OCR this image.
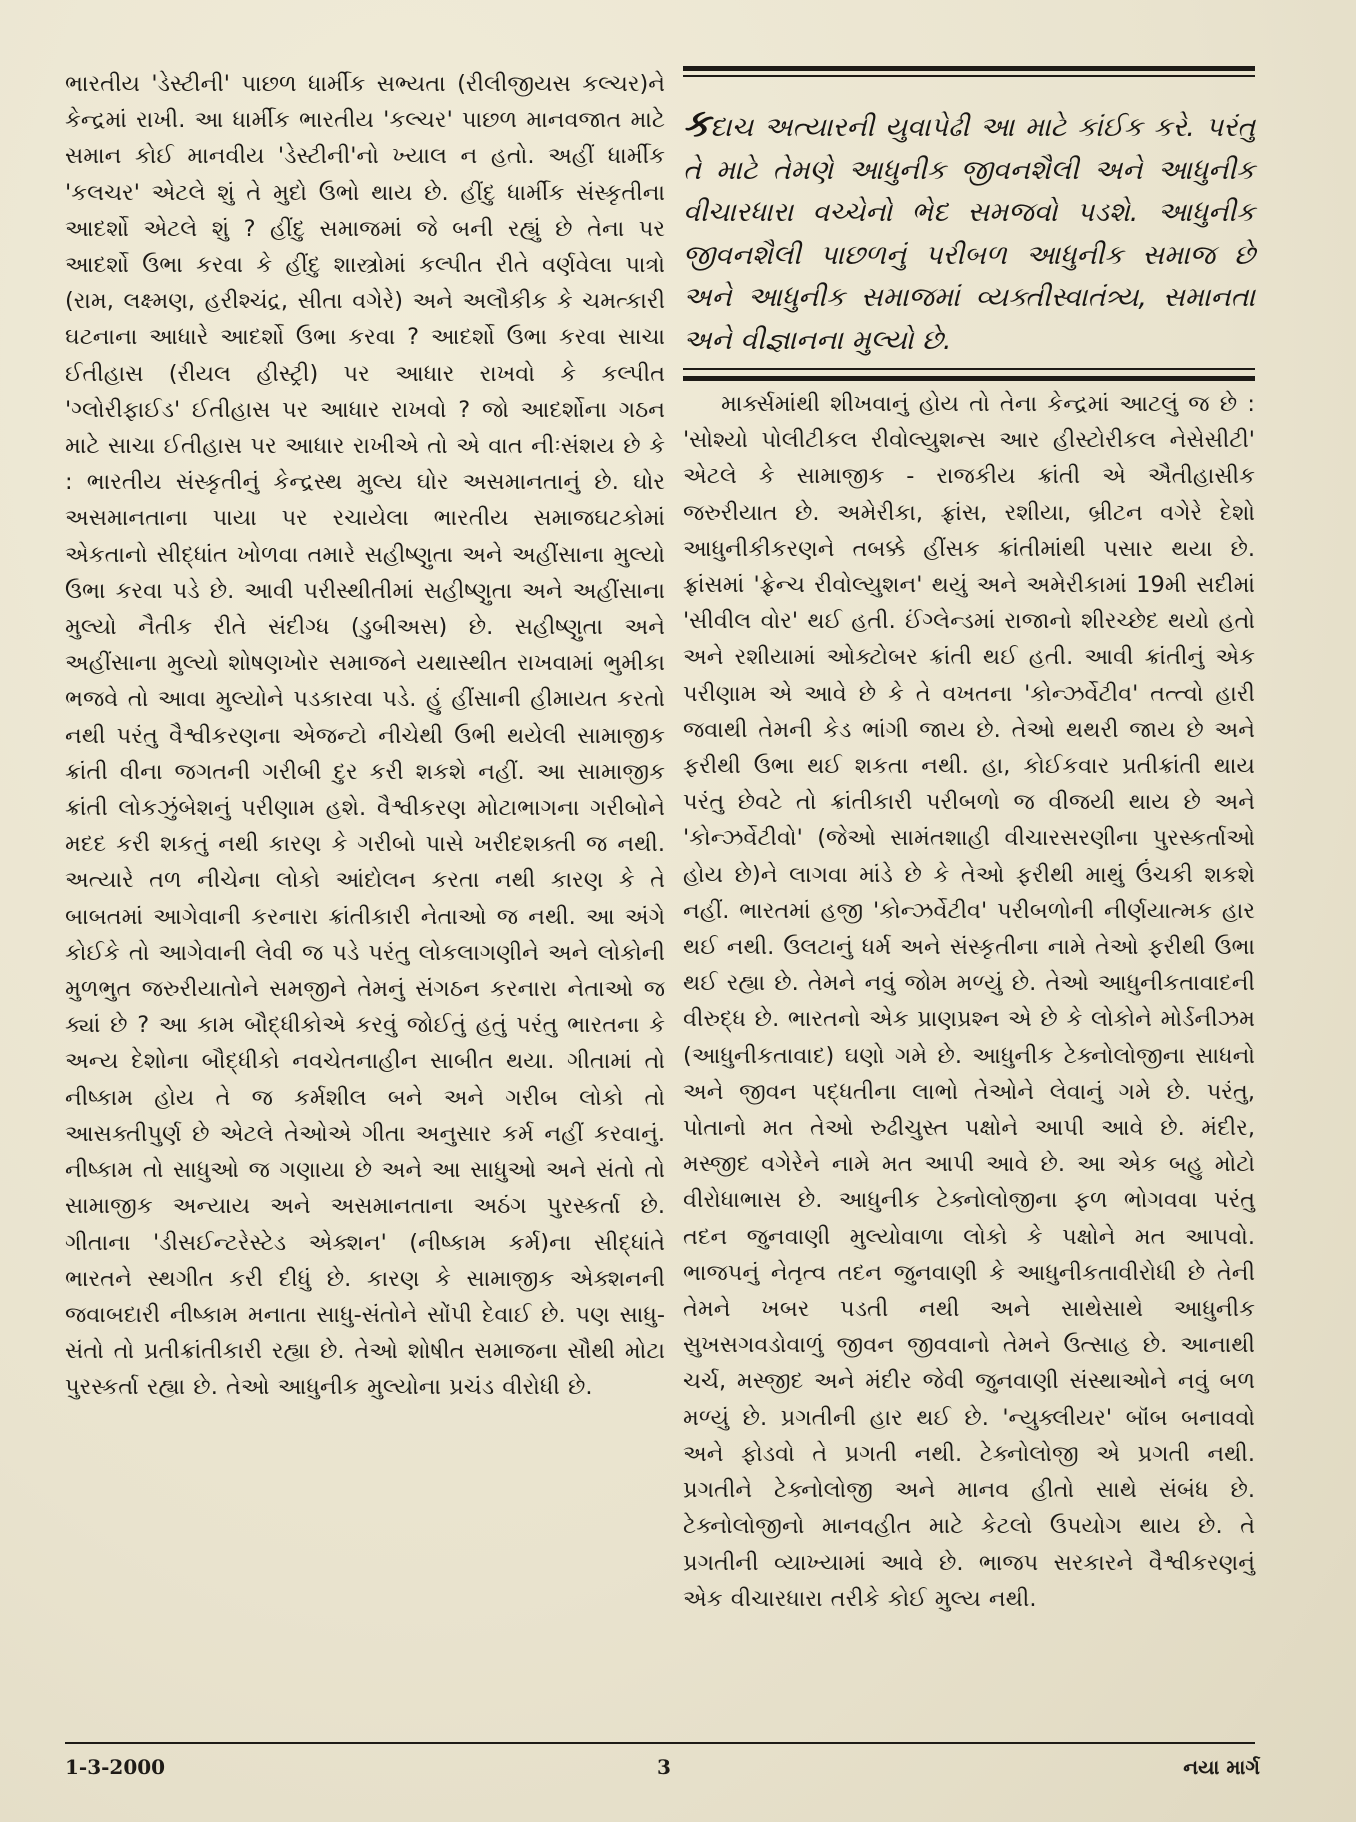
ભારતીય 'ડેસ્ટીની' પાછળ ધાર્મીક સભ્યતા (રીલીજીયસ કલ્ચર)ને કેન્દ્રમાં રાખી. આ ધાર્મીક ભારતીય 'કલ્ચર' પાછળ માનવજાત માટે સમાન કોઈ માનવીય 'ડેસ્ટીની'નો ખ્યાલ ન હતો. અહીં ધાર્મીક 'કલચર' એટલે શું તે મુદો ઉભો થાય છે. હીંદુ ધાર્મીક સંસ્કૃતીના આદર્શો એટલે શું ? હીંદુ સમાજમાં જે બની રહ્યું છે તેના પર આદર્શો ઉભા કરવા કે હીંદુ શાસ્ત્રોમાં કલ્પીત રીતે વર્ણવેલા પાત્રો (રામ, લક્ષ્મણ, હરીશ્ચંદ્ર, સીતા વગેરે) અને અલૌકીક કે ચમત્કારી ઘટનાના આધારે આદર્શો ઉભા કરવા ? આદર્શો ઉભા કરવા સાચા ઈતીહાસ (રીયલ હીસ્ટ્રી) પર આધાર રાખવો કે કલ્પીત 'ગ્લોરીફાઈડ' ઈતીહાસ પર આધાર રાખવો ? જો આદર્શોના ગઠન માટે સાચા ઈતીહાસ પર આધાર રાખીએ તો એ વાત નીઃસંશય છે કે : ભારતીય સંસ્કૃતીનું કેન્દ્રસ્થ મુલ્ય ઘોર અસમાનતાનું છે. ઘોર અસમાનતાના પાયા પર રચાયેલા ભારતીય સમાજઘટકોમાં એકતાનો સીદ્ધાંત ખોળવા તમારે સહીષ્ણુતા અને અહીંસાના મુલ્યો ઉભા કરવા પડે છે. આવી પરીસ્થીતીમાં સહીષ્ણુતા અને અહીંસાના મુલ્યો નૈતીક રીતે સંદીગ્ધ (ડુબીઅસ) છે. સહીષ્ણુતા અને અહીંસાના મુલ્યો શોષણખોર સમાજને યથાસ્થીત રાખવામાં ભુમીકા ભજવે તો આવા મુલ્યોને પડકારવા પડે. હું હીંસાની હીમાયત કરતો નથી પરંતુ વૈશ્વીકરણના એજન્ટો નીચેથી ઉભી થયેલી સામાજીક ક્રાંતી વીના જગતની ગરીબી દુર કરી શકશે નહીં. આ સામાજીક ક્રાંતી લોકઝુંબેશનું પરીણામ હશે. વૈશ્વીકરણ મોટાભાગના ગરીબોને મદદ કરી શકતું નથી કારણ કે ગરીબો પાસે ખરીદશક્તી જ નથી. અત્યારે તળ નીચેના લોકો આંદોલન કરતા નથી કારણ કે તે બાબતમાં આગેવાની કરનારા ક્રાંતીકારી નેતાઓ જ નથી. આ અંગે કોઈકે તો આગેવાની લેવી જ પડે પરંતુ લોકલાગણીને અને લોકોની મુળભુત જરુરીયાતોને સમજીને તેમનું સંગઠન કરનારા નેતાઓ જ ક્યાં છે ? આ કામ બૌદ્ધીકોએ કરવું જોઈતું હતું પરંતુ ભારતના કે અન્ય દેશોના બૌદ્ધીકો નવચેતનાહીન સાબીત થયા. ગીતામાં તો નીષ્કામ હોય તે જ કર્મશીલ બને અને ગરીબ લોકો તો આસક્તીપુર્ણ છે એટલે તેઓએ ગીતા અનુસાર કર્મ નહીં કરવાનું. નીષ્કામ તો સાધુઓ જ ગણાયા છે અને આ સાધુઓ અને સંતો તો સામાજીક અન્યાય અને અસમાનતાના અઠંગ પુરસ્કર્તા છે. ગીતાના 'ડીસઈન્ટરેસ્ટેડ એક્શન' (નીષ્કામ કર્મ)ના સીદ્ધાંતે ભારતને સ્થગીત કરી દીધું છે. કારણ કે સામાજીક એક્શનની જવાબદારી નીષ્કામ મનાતા સાધુ-સંતોને સોંપી દેવાઈ છે. પણ સાધુ-સંતો તો પ્રતીક્રાંતીકારી રહ્યા છે. તેઓ શોષીત સમાજના સૌથી મોટા પુરસ્કર્તા રહ્યા છે. તેઓ આધુનીક મુલ્યોના પ્રચંડ વીરોધી છે.

કદાચ અત્યારની યુવાપેઢી આ માટે કાંઈક કરે. પરંતુ તે માટે તેમણે આધુનીક જીવનશૈલી અને આધુનીક વીચારધારા વચ્ચેનો ભેદ સમજવો પડશે. આધુનીક જીવનશૈલી પાછળનું પરીબળ આધુનીક સમાજ છે અને આધુનીક સમાજમાં વ્યક્તીસ્વાતંત્ર્ય, સમાનતા અને વીજ્ઞાનના મુલ્યો છે.

માર્ક્સમાંથી શીખવાનું હોય તો તેના કેન્દ્રમાં આટલું જ છે : 'સોશ્યો પોલીટીકલ રીવોલ્યુશન્સ આર હીસ્ટોરીકલ નેસેસીટી' એટલે કે સામાજીક - રાજકીય ક્રાંતી એ ઐતીહાસીક જરુરીયાત છે. અમેરીકા, ફ્રાંસ, રશીયા, બ્રીટન વગેરે દેશો આધુનીકીકરણને તબક્કે હીંસક ક્રાંતીમાંથી પસાર થયા છે. ફ્રાંસમાં 'ફ્રેન્ચ રીવોલ્યુશન' થયું અને અમેરીકામાં 19મી સદીમાં 'સીવીલ વોર' થઈ હતી. ઈંગ્લેન્ડમાં રાજાનો શીરચ્છેદ થયો હતો અને રશીયામાં ઓક્ટોબર ક્રાંતી થઈ હતી. આવી ક્રાંતીનું એક પરીણામ એ આવે છે કે તે વખતના 'કોન્ઝર્વેટીવ' તત્ત્વો હારી જવાથી તેમની કેડ ભાંગી જાય છે. તેઓ થથરી જાય છે અને ફરીથી ઉભા થઈ શકતા નથી. હા, કોઈકવાર પ્રતીક્રાંતી થાય પરંતુ છેવટે તો ક્રાંતીકારી પરીબળો જ વીજયી થાય છે અને 'કોન્ઝર્વેટીવો' (જેઓ સામંતશાહી વીચારસરણીના પુરસ્કર્તાઓ હોય છે)ને લાગવા માંડે છે કે તેઓ ફરીથી માથું ઉંચકી શકશે નહીં. ભારતમાં હજી 'કોન્ઝર્વેટીવ' પરીબળોની નીર્ણયાત્મક હાર થઈ નથી. ઉલટાનું ધર્મ અને સંસ્કૃતીના નામે તેઓ ફરીથી ઉભા થઈ રહ્યા છે. તેમને નવું જોમ મળ્યું છે. તેઓ આધુનીકતાવાદની વીરુદ્ધ છે. ભારતનો એક પ્રાણપ્રશ્ન એ છે કે લોકોને મોર્ડનીઝમ (આધુનીકતાવાદ) ઘણો ગમે છે. આધુનીક ટેક્નોલોજીના સાધનો અને જીવન પદ્ધતીના લાભો તેઓને લેવાનું ગમે છે. પરંતુ, પોતાનો મત તેઓ રુઢીચુસ્ત પક્ષોને આપી આવે છે. મંદીર, મસ્જીદ વગેરેને નામે મત આપી આવે છે. આ એક બહુ મોટો વીરોધાભાસ છે. આધુનીક ટેક્નોલોજીના ફળ ભોગવવા પરંતુ તદન જુનવાણી મુલ્યોવાળા લોકો કે પક્ષોને મત આપવો. ભાજપનું નેતૃત્વ તદન જુનવાણી કે આધુનીકતાવીરોધી છે તેની તેમને ખબર પડતી નથી અને સાથેસાથે આધુનીક સુખસગવડોવાળું જીવન જીવવાનો તેમને ઉત્સાહ છે. આનાથી ચર્ચ, મસ્જીદ અને મંદીર જેવી જુનવાણી સંસ્થાઓને નવું બળ મળ્યું છે. પ્રગતીની હાર થઈ છે. 'ન્યુક્લીયર' બૉંબ બનાવવો અને ફોડવો તે પ્રગતી નથી. ટેક્નોલોજી એ પ્રગતી નથી. પ્રગતીને ટેક્નોલોજી અને માનવ હીતો સાથે સંબંધ છે. ટેક્નોલોજીનો માનવહીત માટે કેટલો ઉપયોગ થાય છે. તે પ્રગતીની વ્યાખ્યામાં આવે છે. ભાજપ સરકારને વૈશ્વીકરણનું એક વીચારધારા તરીકે કોઈ મુલ્ય નથી.

1-3-2000	3	નયા માર્ગ
